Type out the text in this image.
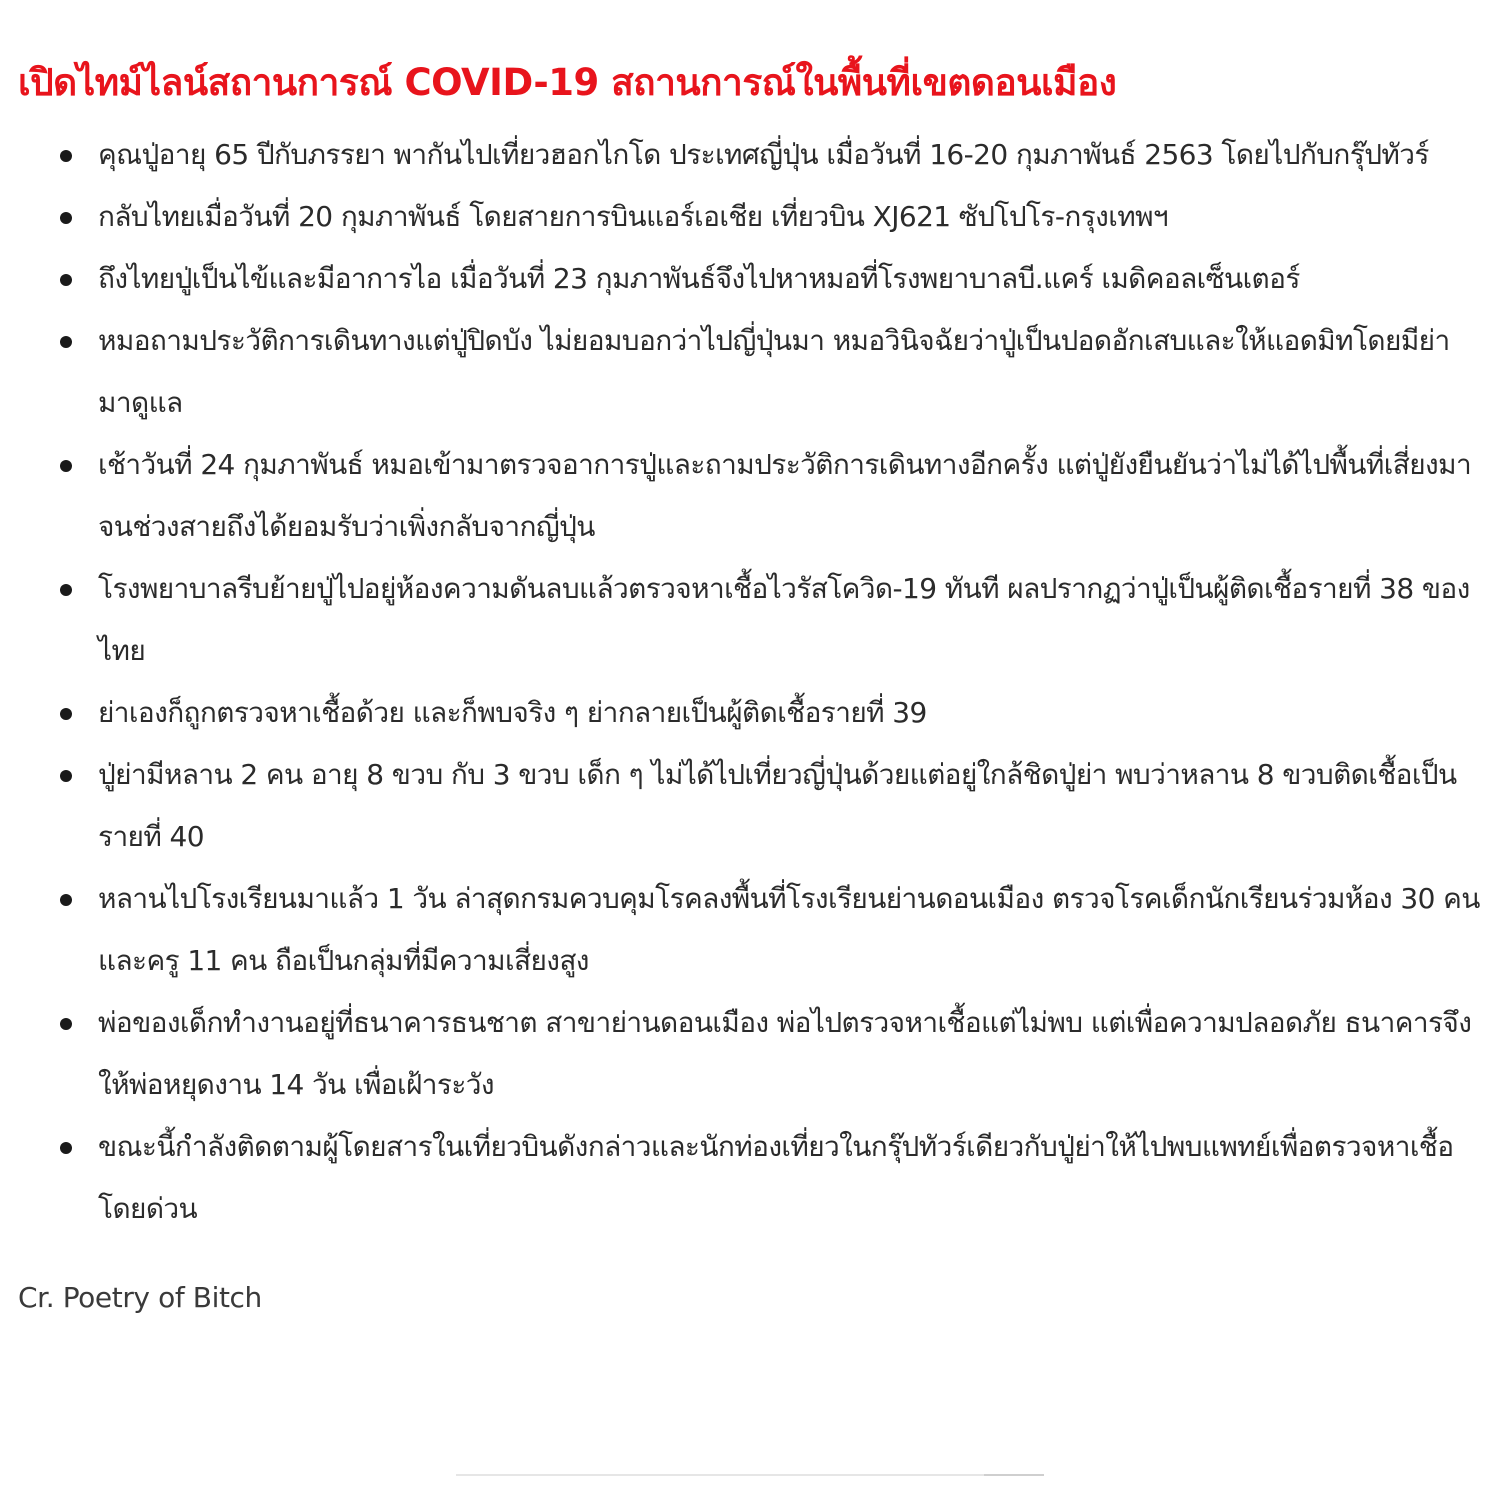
เปิดไทม์ไลน์สถานการณ์ COVID-19 สถานการณ์ในพื้นที่เขตดอนเมือง
คุณปู่อายุ 65 ปีกับภรรยา พากันไปเที่ยวฮอกไกโด ประเทศญี่ปุ่น เมื่อวันที่ 16-20 กุมภาพันธ์ 2563 โดยไปกับกรุ๊ปทัวร์
กลับไทยเมื่อวันที่ 20 กุมภาพันธ์ โดยสายการบินแอร์เอเชีย เที่ยวบิน XJ621 ซัปโปโร-กรุงเทพฯ
ถึงไทยปู่เป็นไข้และมีอาการไอ เมื่อวันที่ 23 กุมภาพันธ์จึงไปหาหมอที่โรงพยาบาลบี.แคร์ เมดิคอลเซ็นเตอร์
หมอถามประวัติการเดินทางแต่ปู่ปิดบัง ไม่ยอมบอกว่าไปญี่ปุ่นมา หมอวินิจฉัยว่าปู่เป็นปอดอักเสบและให้แอดมิทโดยมีย่ามาดูแล
เช้าวันที่ 24 กุมภาพันธ์ หมอเข้ามาตรวจอาการปู่และถามประวัติการเดินทางอีกครั้ง แต่ปู่ยังยืนยันว่าไม่ได้ไปพื้นที่เสี่ยงมา จนช่วงสายถึงได้ยอมรับว่าเพิ่งกลับจากญี่ปุ่น
โรงพยาบาลรีบย้ายปู่ไปอยู่ห้องความดันลบแล้วตรวจหาเชื้อไวรัสโควิด-19 ทันที ผลปรากฏว่าปู่เป็นผู้ติดเชื้อรายที่ 38 ของไทย
ย่าเองก็ถูกตรวจหาเชื้อด้วย และก็พบจริง ๆ ย่ากลายเป็นผู้ติดเชื้อรายที่ 39
ปู่ย่ามีหลาน 2 คน อายุ 8 ขวบ กับ 3 ขวบ เด็ก ๆ ไม่ได้ไปเที่ยวญี่ปุ่นด้วยแต่อยู่ใกล้ชิดปู่ย่า พบว่าหลาน 8 ขวบติดเชื้อเป็นรายที่ 40
หลานไปโรงเรียนมาแล้ว 1 วัน ล่าสุดกรมควบคุมโรคลงพื้นที่โรงเรียนย่านดอนเมือง ตรวจโรคเด็กนักเรียนร่วมห้อง 30 คน และครู 11 คน ถือเป็นกลุ่มที่มีความเสี่ยงสูง
พ่อของเด็กทำงานอยู่ที่ธนาคารธนชาต สาขาย่านดอนเมือง พ่อไปตรวจหาเชื้อแต่ไม่พบ แต่เพื่อความปลอดภัย ธนาคารจึงให้พ่อหยุดงาน 14 วัน เพื่อเฝ้าระวัง
ขณะนี้กำลังติดตามผู้โดยสารในเที่ยวบินดังกล่าวและนักท่องเที่ยวในกรุ๊ปทัวร์เดียวกับปู่ย่าให้ไปพบแพทย์เพื่อตรวจหาเชื้อโดยด่วน

Cr. Poetry of Bitch
